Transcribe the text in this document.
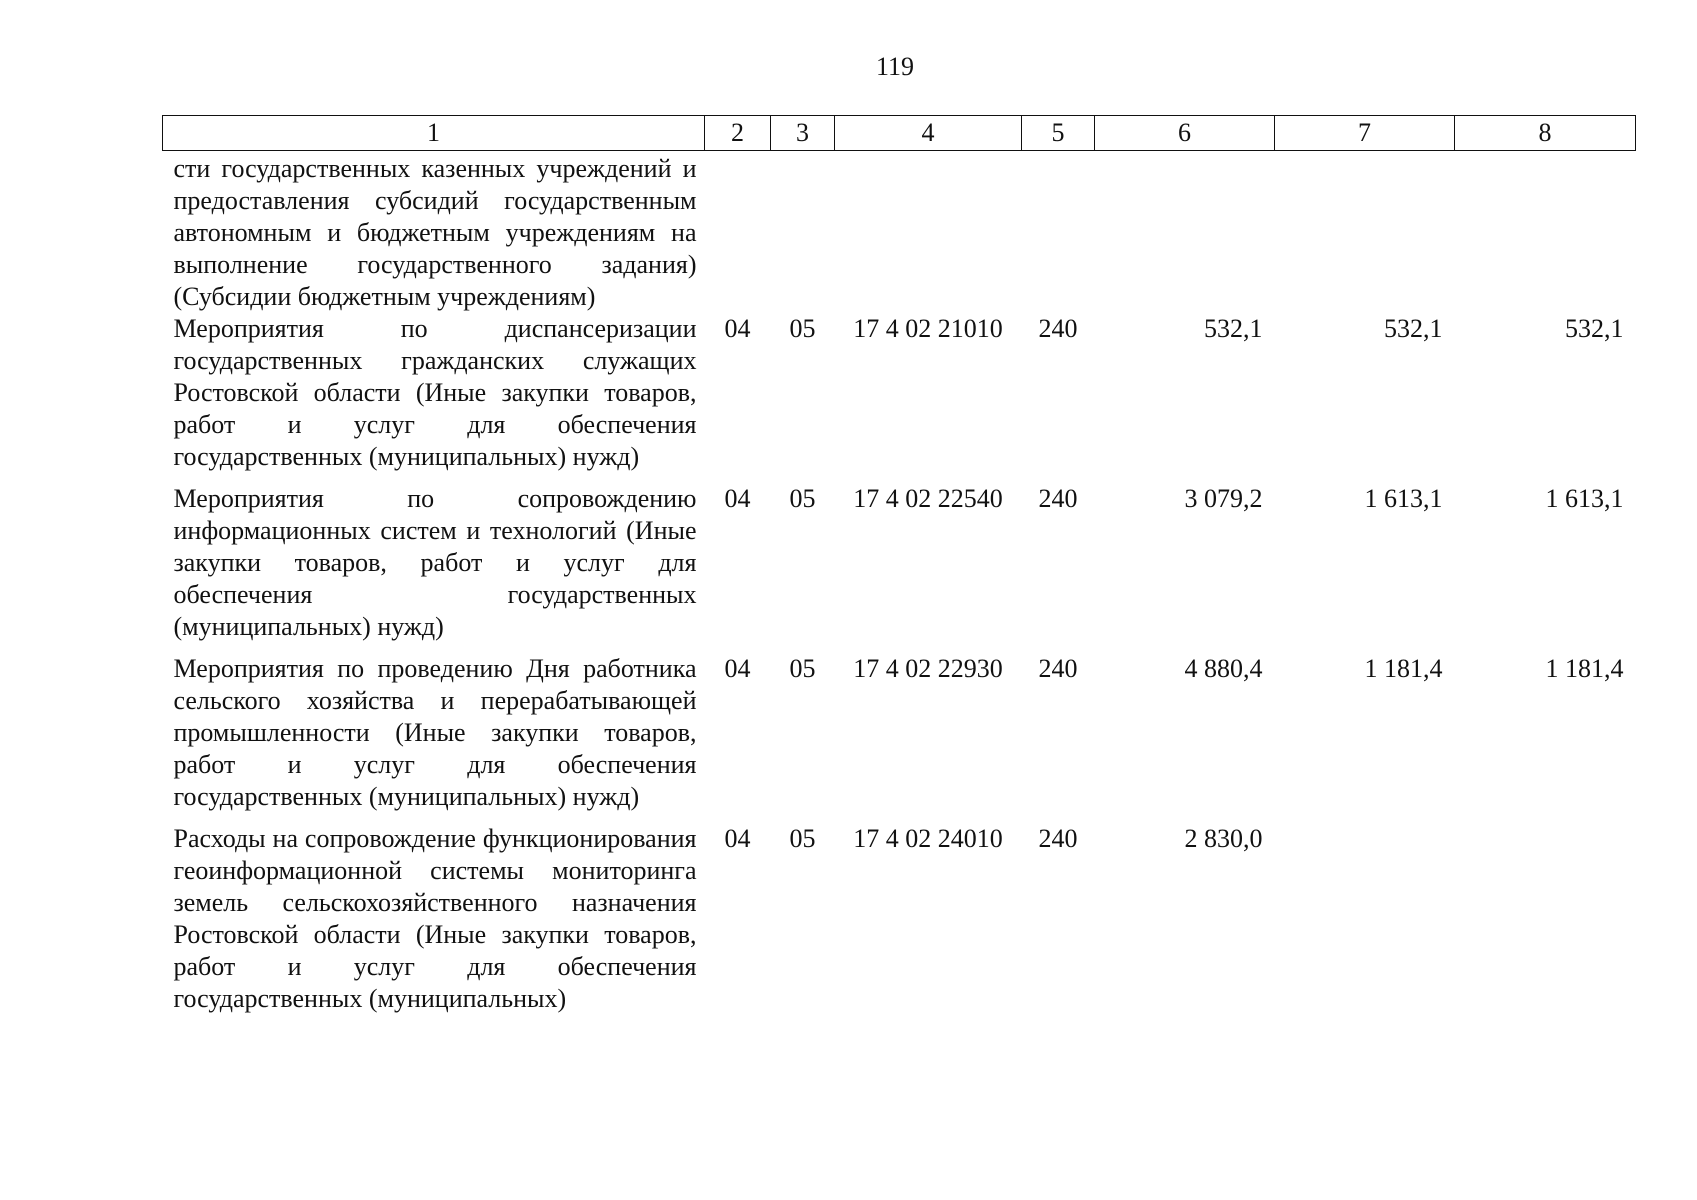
119
1	2	3	4	5	6	7	8
сти государственных казенных учреждений и предоставления субсидий государственным автономным и бюджетным учреждениям на выполнение государственного задания) (Субсидии бюджетным учреждениям)							
Мероприятия по диспансеризации государственных гражданских служащих Ростовской области (Иные закупки товаров, работ и услуг для обеспечения государственных (муниципальных) нужд)	04	05	17 4 02 21010	240	532,1	532,1	532,1
Мероприятия по сопровождению информационных систем и технологий (Иные закупки товаров, работ и услуг для обеспечения государственных (муниципальных) нужд)	04	05	17 4 02 22540	240	3 079,2	1 613,1	1 613,1
Мероприятия по проведению Дня работника сельского хозяйства и перерабатывающей промышленности (Иные закупки товаров, работ и услуг для обеспечения государственных (муниципальных) нужд)	04	05	17 4 02 22930	240	4 880,4	1 181,4	1 181,4
Расходы на сопровождение функционирования геоинформационной системы мониторинга земель сельскохозяйственного назначения Ростовской области (Иные закупки товаров, работ и услуг для обеспечения государственных (муниципальных)	04	05	17 4 02 24010	240	2 830,0		
